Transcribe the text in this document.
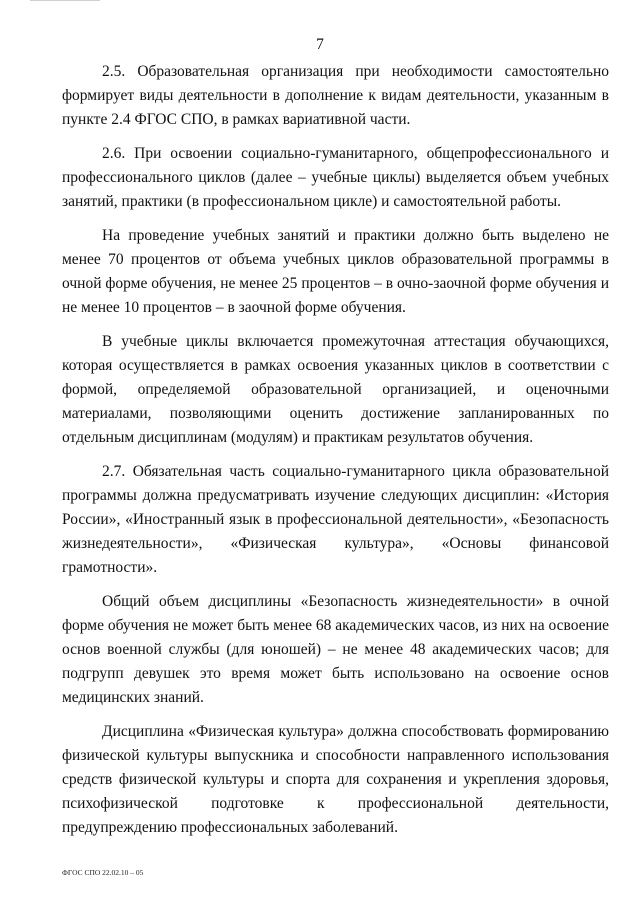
7

2.5. Образовательная организация при необходимости самостоятельно формирует виды деятельности в дополнение к видам деятельности, указанным в пункте 2.4 ФГОС СПО, в рамках вариативной части.

2.6. При освоении социально-гуманитарного, общепрофессионального и профессионального циклов (далее – учебные циклы) выделяется объем учебных занятий, практики (в профессиональном цикле) и самостоятельной работы.

На проведение учебных занятий и практики должно быть выделено не менее 70 процентов от объема учебных циклов образовательной программы в очной форме обучения, не менее 25 процентов – в очно-заочной форме обучения и не менее 10 процентов – в заочной форме обучения.

В учебные циклы включается промежуточная аттестация обучающихся, которая осуществляется в рамках освоения указанных циклов в соответствии с формой, определяемой образовательной организацией, и оценочными материалами, позволяющими оценить достижение запланированных по отдельным дисциплинам (модулям) и практикам результатов обучения.

2.7. Обязательная часть социально-гуманитарного цикла образовательной программы должна предусматривать изучение следующих дисциплин: «История России», «Иностранный язык в профессиональной деятельности», «Безопасность жизнедеятельности», «Физическая культура», «Основы финансовой грамотности».

Общий объем дисциплины «Безопасность жизнедеятельности» в очной форме обучения не может быть менее 68 академических часов, из них на освоение основ военной службы (для юношей) – не менее 48 академических часов; для подгрупп девушек это время может быть использовано на освоение основ медицинских знаний.

Дисциплина «Физическая культура» должна способствовать формированию физической культуры выпускника и способности направленного использования средств физической культуры и спорта для сохранения и укрепления здоровья, психофизической подготовке к профессиональной деятельности, предупреждению профессиональных заболеваний.

ФГОС СПО 22.02.10 – 05
